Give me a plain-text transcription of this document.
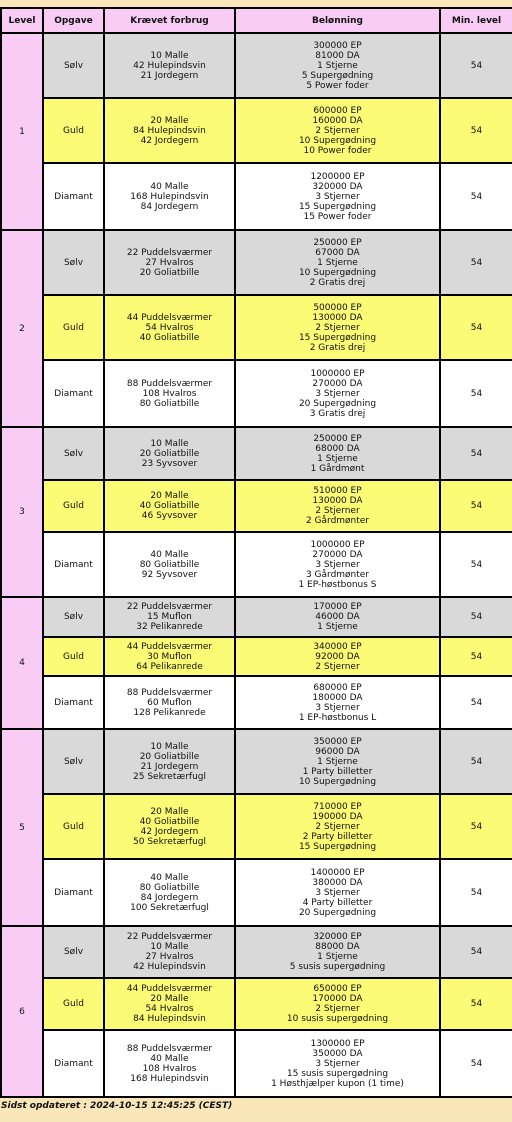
Level	Opgave	Krævet forbrug	Belønning	Min. level
1	Sølv	10 Malle
42 Hulepindsvin
21 Jordegern	300000 EP
81000 DA
1 Stjerne
5 Supergødning
5 Power foder	54
	Guld	20 Malle
84 Hulepindsvin
42 Jordegern	600000 EP
160000 DA
2 Stjerner
10 Supergødning
10 Power foder	54
	Diamant	40 Malle
168 Hulepindsvin
84 Jordegern	1200000 EP
320000 DA
3 Stjerner
15 Supergødning
15 Power foder	54
2	Sølv	22 Puddelsværmer
27 Hvalros
20 Goliatbille	250000 EP
67000 DA
1 Stjerne
10 Supergødning
2 Gratis drej	54
	Guld	44 Puddelsværmer
54 Hvalros
40 Goliatbille	500000 EP
130000 DA
2 Stjerner
15 Supergødning
2 Gratis drej	54
	Diamant	88 Puddelsværmer
108 Hvalros
80 Goliatbille	1000000 EP
270000 DA
3 Stjerner
20 Supergødning
3 Gratis drej	54
3	Sølv	10 Malle
20 Goliatbille
23 Syvsover	250000 EP
68000 DA
1 Stjerne
1 Gårdmønt	54
	Guld	20 Malle
40 Goliatbille
46 Syvsover	510000 EP
130000 DA
2 Stjerner
2 Gårdmønter	54
	Diamant	40 Malle
80 Goliatbille
92 Syvsover	1000000 EP
270000 DA
3 Stjerner
3 Gårdmønter
1 EP-høstbonus S	54
4	Sølv	22 Puddelsværmer
15 Muflon
32 Pelikanrede	170000 EP
46000 DA
1 Stjerne	54
	Guld	44 Puddelsværmer
30 Muflon
64 Pelikanrede	340000 EP
92000 DA
2 Stjerner	54
	Diamant	88 Puddelsværmer
60 Muflon
128 Pelikanrede	680000 EP
180000 DA
3 Stjerner
1 EP-høstbonus L	54
5	Sølv	10 Malle
20 Goliatbille
21 Jordegern
25 Sekretærfugl	350000 EP
96000 DA
1 Stjerne
1 Party billetter
10 Supergødning	54
	Guld	20 Malle
40 Goliatbille
42 Jordegern
50 Sekretærfugl	710000 EP
190000 DA
2 Stjerner
2 Party billetter
15 Supergødning	54
	Diamant	40 Malle
80 Goliatbille
84 Jordegern
100 Sekretærfugl	1400000 EP
380000 DA
3 Stjerner
4 Party billetter
20 Supergødning	54
6	Sølv	22 Puddelsværmer
10 Malle
27 Hvalros
42 Hulepindsvin	320000 EP
88000 DA
1 Stjerne
5 susis supergødning	54
	Guld	44 Puddelsværmer
20 Malle
54 Hvalros
84 Hulepindsvin	650000 EP
170000 DA
2 Stjerner
10 susis supergødning	54
	Diamant	88 Puddelsværmer
40 Malle
108 Hvalros
168 Hulepindsvin	1300000 EP
350000 DA
3 Stjerner
15 susis supergødning
1 Høsthjælper kupon (1 time)	54
Sidst opdateret : 2024-10-15 12:45:25 (CEST)
